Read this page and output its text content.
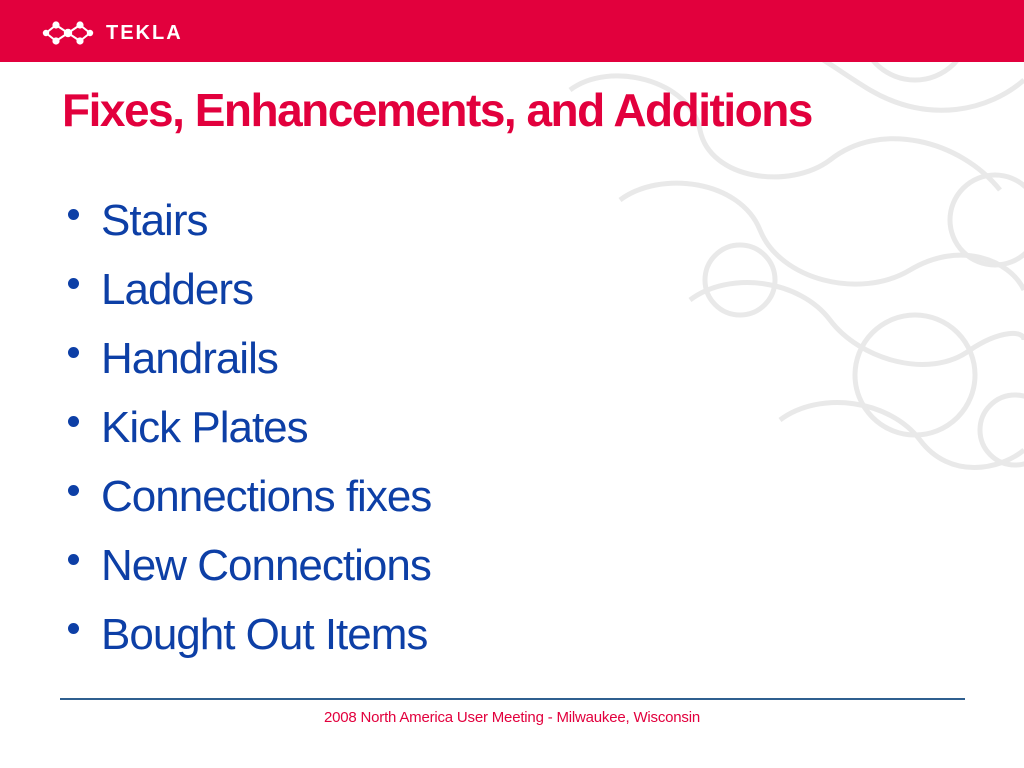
TEKLA
Fixes, Enhancements, and Additions
Stairs
Ladders
Handrails
Kick Plates
Connections fixes
New Connections
Bought Out Items
2008 North America User Meeting - Milwaukee, Wisconsin
